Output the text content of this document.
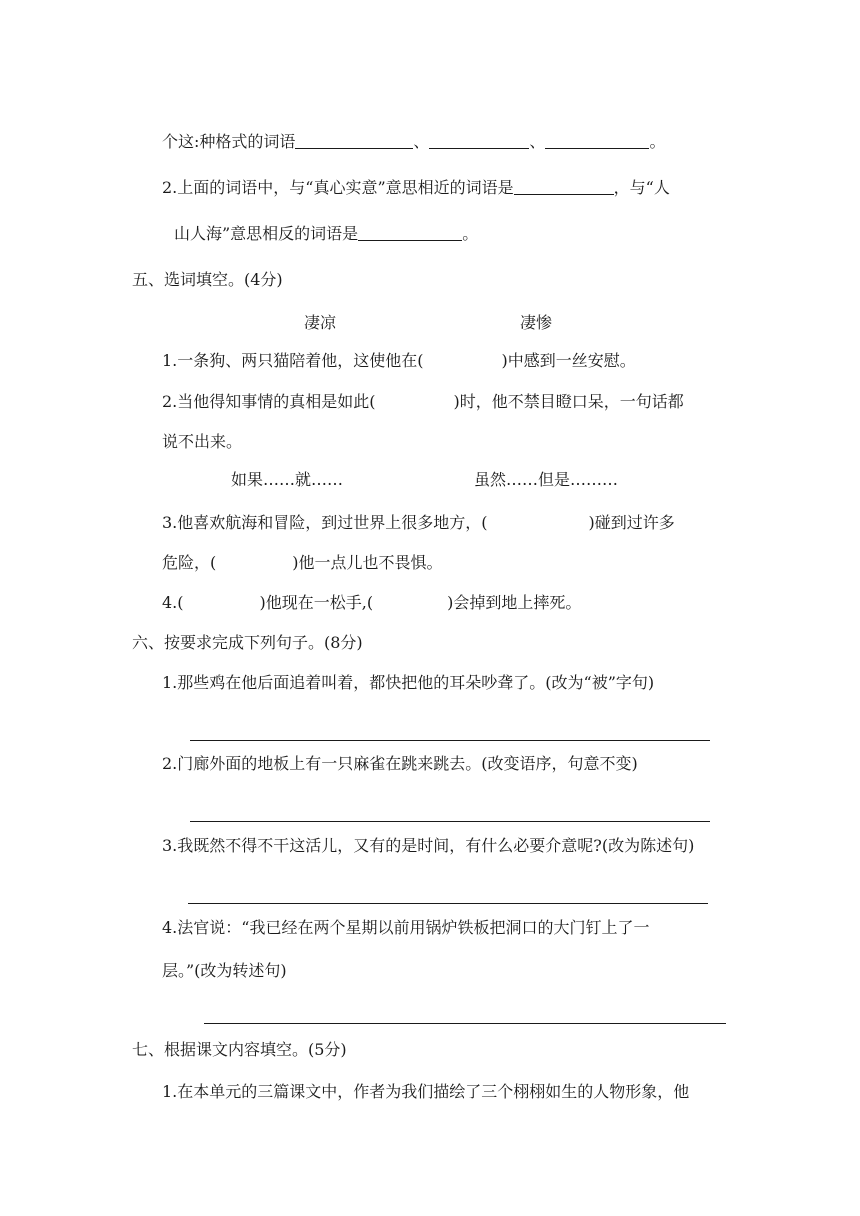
个这:种格式的词语	、	、	。
2.上面的词语中，与“真心实意”意思相近的词语是	，与“人
山人海”意思相反的词语是	。
五、选词填空。(4分)
凄凉	凄惨
1.一条狗、两只猫陪着他，这使他在(	)中感到一丝安慰。
2.当他得知事情的真相是如此(	)时，他不禁目瞪口呆，一句话都
说不出来。
如果……就……	虽然……但是………
3.他喜欢航海和冒险，到过世界上很多地方，(	)碰到过许多
危险，(	)他一点儿也不畏惧。
4.(	)他现在一松手,(	)会掉到地上摔死。
六、按要求完成下列句子。(8分)
1.那些鸡在他后面追着叫着，都快把他的耳朵吵聋了。(改为“被”字句)
2.门廊外面的地板上有一只麻雀在跳来跳去。(改变语序，句意不变)
3.我既然不得不干这活儿，又有的是时间，有什么必要介意呢?(改为陈述句)
4.法官说：“我已经在两个星期以前用锅炉铁板把洞口的大门钉上了一
层。”(改为转述句)
七、根据课文内容填空。(5分)
1.在本单元的三篇课文中，作者为我们描绘了三个栩栩如生的人物形象，他
